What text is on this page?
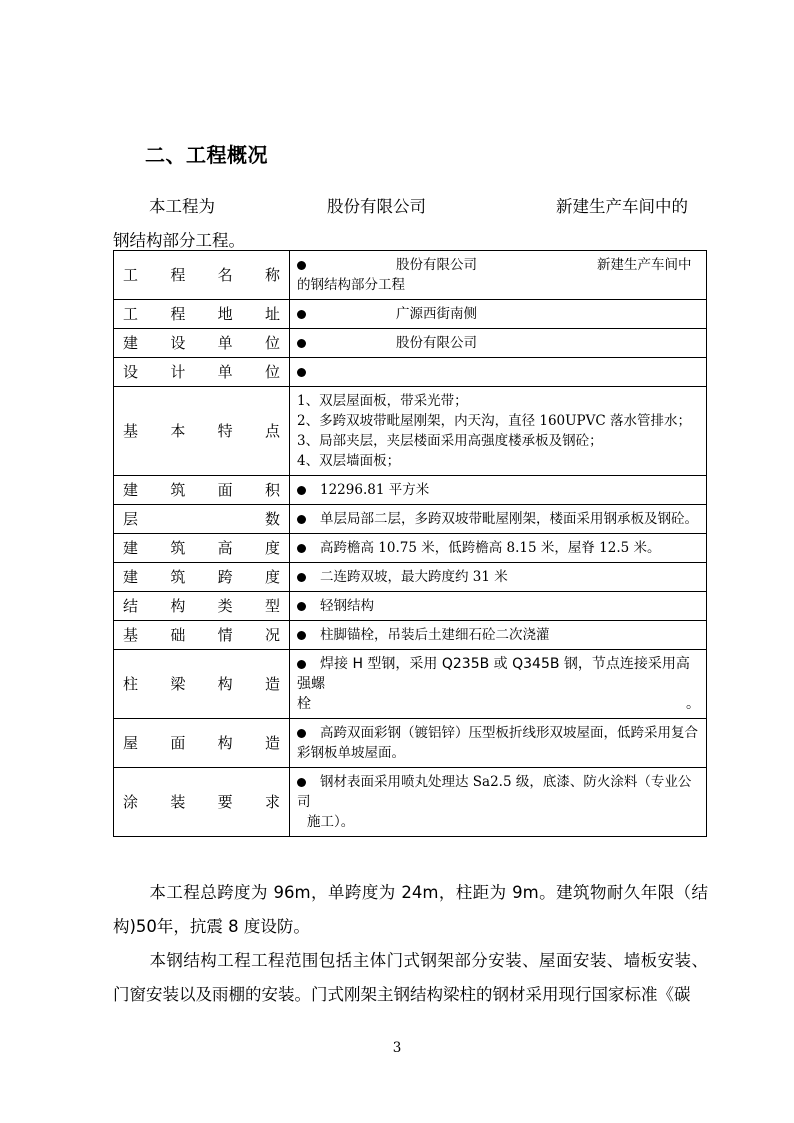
二、工程概况
本工程为	股份有限公司	新建生产车间中的
钢结构部分工程。
工程名称	股份有限公司 新建生产车间中
的钢结构部分工程

工程地址	广源西街南侧
建设单位	股份有限公司
设计单位	
基本特点	1、双层屋面板，带采光带；
2、多跨双坡带毗屋刚架，内天沟，直径 160UPVC 落水管排水；
3、局部夹层，夹层楼面采用高强度楼承板及钢砼；
4、双层墙面板；

建筑面积	12296.81 平方米
层数	单层局部二层，多跨双坡带毗屋刚架，楼面采用钢承板及钢砼。
建筑高度	高跨檐高 10.75 米，低跨檐高 8.15 米，屋脊 12.5 米。
建筑跨度	二连跨双坡，最大跨度约 31 米
结构类型	轻钢结构
基础情况	柱脚锚栓，吊装后土建细石砼二次浇灌
柱梁构造	焊接 H 型钢，采用 Q235B 或 Q345B 钢，节点连接采用高强螺
栓 。

屋面构造	高跨双面彩钢（镀铝锌）压型板折线形双坡屋面，低跨采用复合
彩钢板单坡屋面。

涂装要求	钢材表面采用喷丸处理达 Sa2.5 级，底漆、防火涂料（专业公司
施工）。

本工程总跨度为 96m，单跨度为 24m，柱距为 9m。建筑物耐久年限（结构)50年，抗震 8 度设防。

本钢结构工程工程范围包括主体门式钢架部分安装、屋面安装、墙板安装、门窗安装以及雨棚的安装。门式刚架主钢结构梁柱的钢材采用现行国家标准《碳

3
